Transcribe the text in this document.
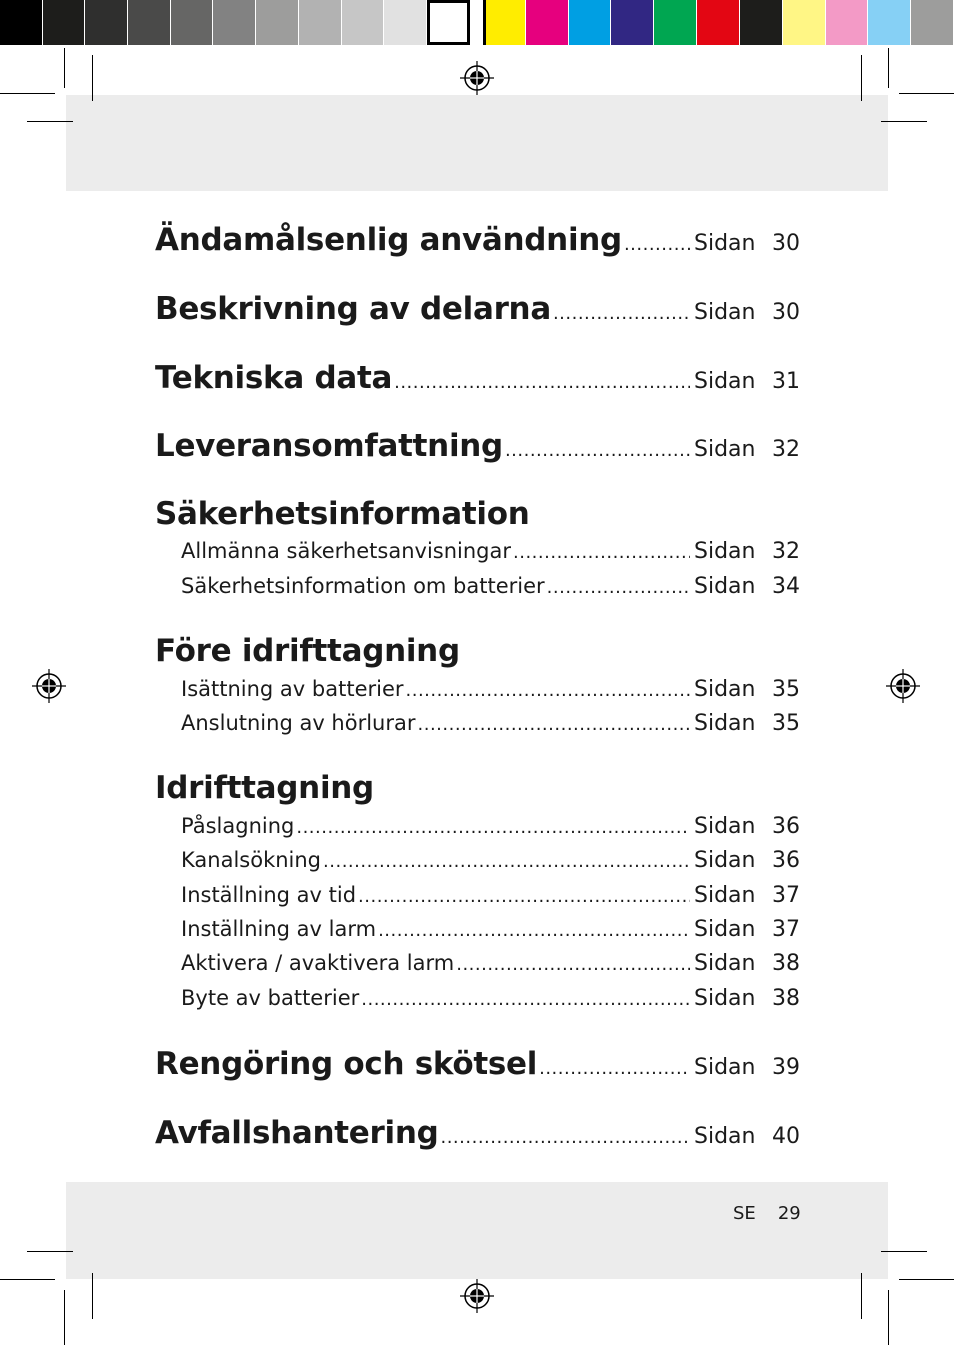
Ändamålsenlig användning .....	Sidan 30
Beskrivning av delarna .....	Sidan 30
Tekniska data .....	Sidan 31
Leveransomfattning .....	Sidan 32
Säkerhetsinformation
Allmänna säkerhetsanvisningar .....	Sidan 32
Säkerhetsinformation om batterier .....	Sidan 34
Före idrifttagning
Isättning av batterier .....	Sidan 35
Anslutning av hörlurar .....	Sidan 35
Idrifttagning
Påslagning .....	Sidan 36
Kanalsökning .....	Sidan 36
Inställning av tid .....	Sidan 37
Inställning av larm .....	Sidan 37
Aktivera / avaktivera larm .....	Sidan 38
Byte av batterier .....	Sidan 38
Rengöring och skötsel .....	Sidan 39
Avfallshantering .....	Sidan 40
SE 29
